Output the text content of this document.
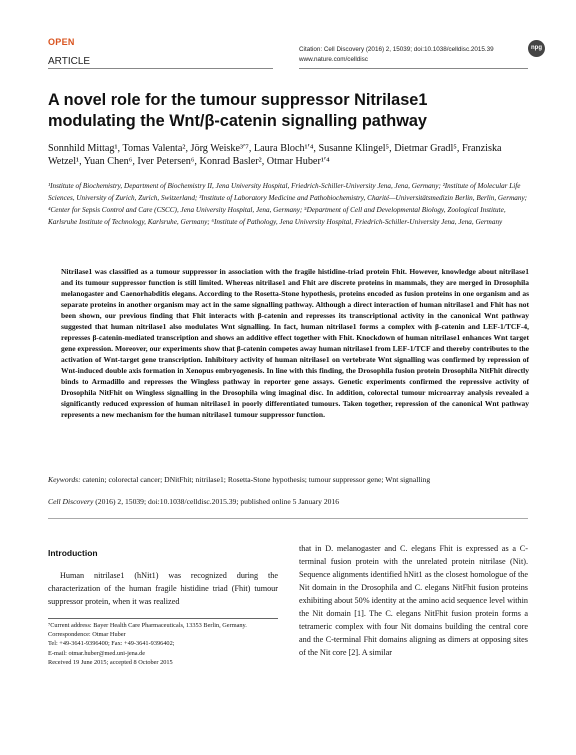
OPEN
ARTICLE
Citation: Cell Discovery (2016) 2, 15039; doi:10.1038/celldisc.2015.39
www.nature.com/celldisc
npg
A novel role for the tumour suppressor Nitrilase1 modulating the Wnt/β-catenin signalling pathway
Sonnhild Mittag¹, Tomas Valenta², Jörg Weiske³ʹ⁷, Laura Bloch¹ʹ⁴, Susanne Klingel⁵, Dietmar Gradl⁵, Franziska Wetzel¹, Yuan Chen⁶, Iver Petersen⁶, Konrad Basler², Otmar Huber¹ʹ⁴
¹Institute of Biochemistry, Department of Biochemistry II, Jena University Hospital, Friedrich-Schiller-University Jena, Jena, Germany; ²Institute of Molecular Life Sciences, University of Zurich, Zurich, Switzerland; ³Institute of Laboratory Medicine and Pathobiochemistry, Charité—Universitätsmedizin Berlin, Berlin, Germany; ⁴Center for Sepsis Control and Care (CSCC), Jena University Hospital, Jena, Germany; ⁵Department of Cell and Developmental Biology, Zoological Institute, Karlsruhe Institute of Technology, Karlsruhe, Germany; ⁶Institute of Pathology, Jena University Hospital, Friedrich-Schiller-University Jena, Jena, Germany
Nitrilase1 was classified as a tumour suppressor in association with the fragile histidine-triad protein Fhit. However, knowledge about nitrilase1 and its tumour suppressor function is still limited. Whereas nitrilase1 and Fhit are discrete proteins in mammals, they are merged in Drosophila melanogaster and Caenorhabditis elegans. According to the Rosetta-Stone hypothesis, proteins encoded as fusion proteins in one organism and as separate proteins in another organism may act in the same signalling pathway. Although a direct interaction of human nitrilase1 and Fhit has not been shown, our previous finding that Fhit interacts with β-catenin and represses its transcriptional activity in the canonical Wnt pathway suggested that human nitrilase1 also modulates Wnt signalling. In fact, human nitrilase1 forms a complex with β-catenin and LEF-1/TCF-4, represses β-catenin-mediated transcription and shows an additive effect together with Fhit. Knockdown of human nitrilase1 enhances Wnt target gene expression. Moreover, our experiments show that β-catenin competes away human nitrilase1 from LEF-1/TCF and thereby contributes to the activation of Wnt-target gene transcription. Inhibitory activity of human nitrilase1 on vertebrate Wnt signalling was confirmed by repression of Wnt-induced double axis formation in Xenopus embryogenesis. In line with this finding, the Drosophila fusion protein Drosophila NitFhit directly binds to Armadillo and represses the Wingless pathway in reporter gene assays. Genetic experiments confirmed the repressive activity of Drosophila NitFhit on Wingless signalling in the Drosophila wing imaginal disc. In addition, colorectal tumour microarray analysis revealed a significantly reduced expression of human nitrilase1 in poorly differentiated tumours. Taken together, repression of the canonical Wnt pathway represents a new mechanism for the human nitrilase1 tumour suppressor function.
Keywords: catenin; colorectal cancer; DNitFhit; nitrilase1; Rosetta-Stone hypothesis; tumour suppressor gene; Wnt signalling
Cell Discovery (2016) 2, 15039; doi:10.1038/celldisc.2015.39; published online 5 January 2016
Introduction

Human nitrilase1 (hNit1) was recognized during the characterization of the human fragile histidine triad (Fhit) tumour suppressor protein, when it was realized

⁷Current address: Bayer Health Care Pharmaceuticals, 13353 Berlin, Germany.
Correspondence: Otmar Huber
Tel: +49-3641-9396400; Fax: +49-3641-9396402;
E-mail: otmar.huber@med.uni-jena.de
Received 19 June 2015; accepted 8 October 2015

that in D. melanogaster and C. elegans Fhit is expressed as a C-terminal fusion protein with the unrelated protein nitrilase (Nit). Sequence alignments identified hNit1 as the closest homologue of the Nit domain in the Drosophila and C. elegans NitFhit fusion proteins exhibiting about 50% identity at the amino acid sequence level within the Nit domain [1]. The C. elegans NitFhit fusion protein forms a tetrameric complex with four Nit domains building the central core and the C-terminal Fhit domains aligning as dimers at opposing sites of the Nit core [2]. A similar
